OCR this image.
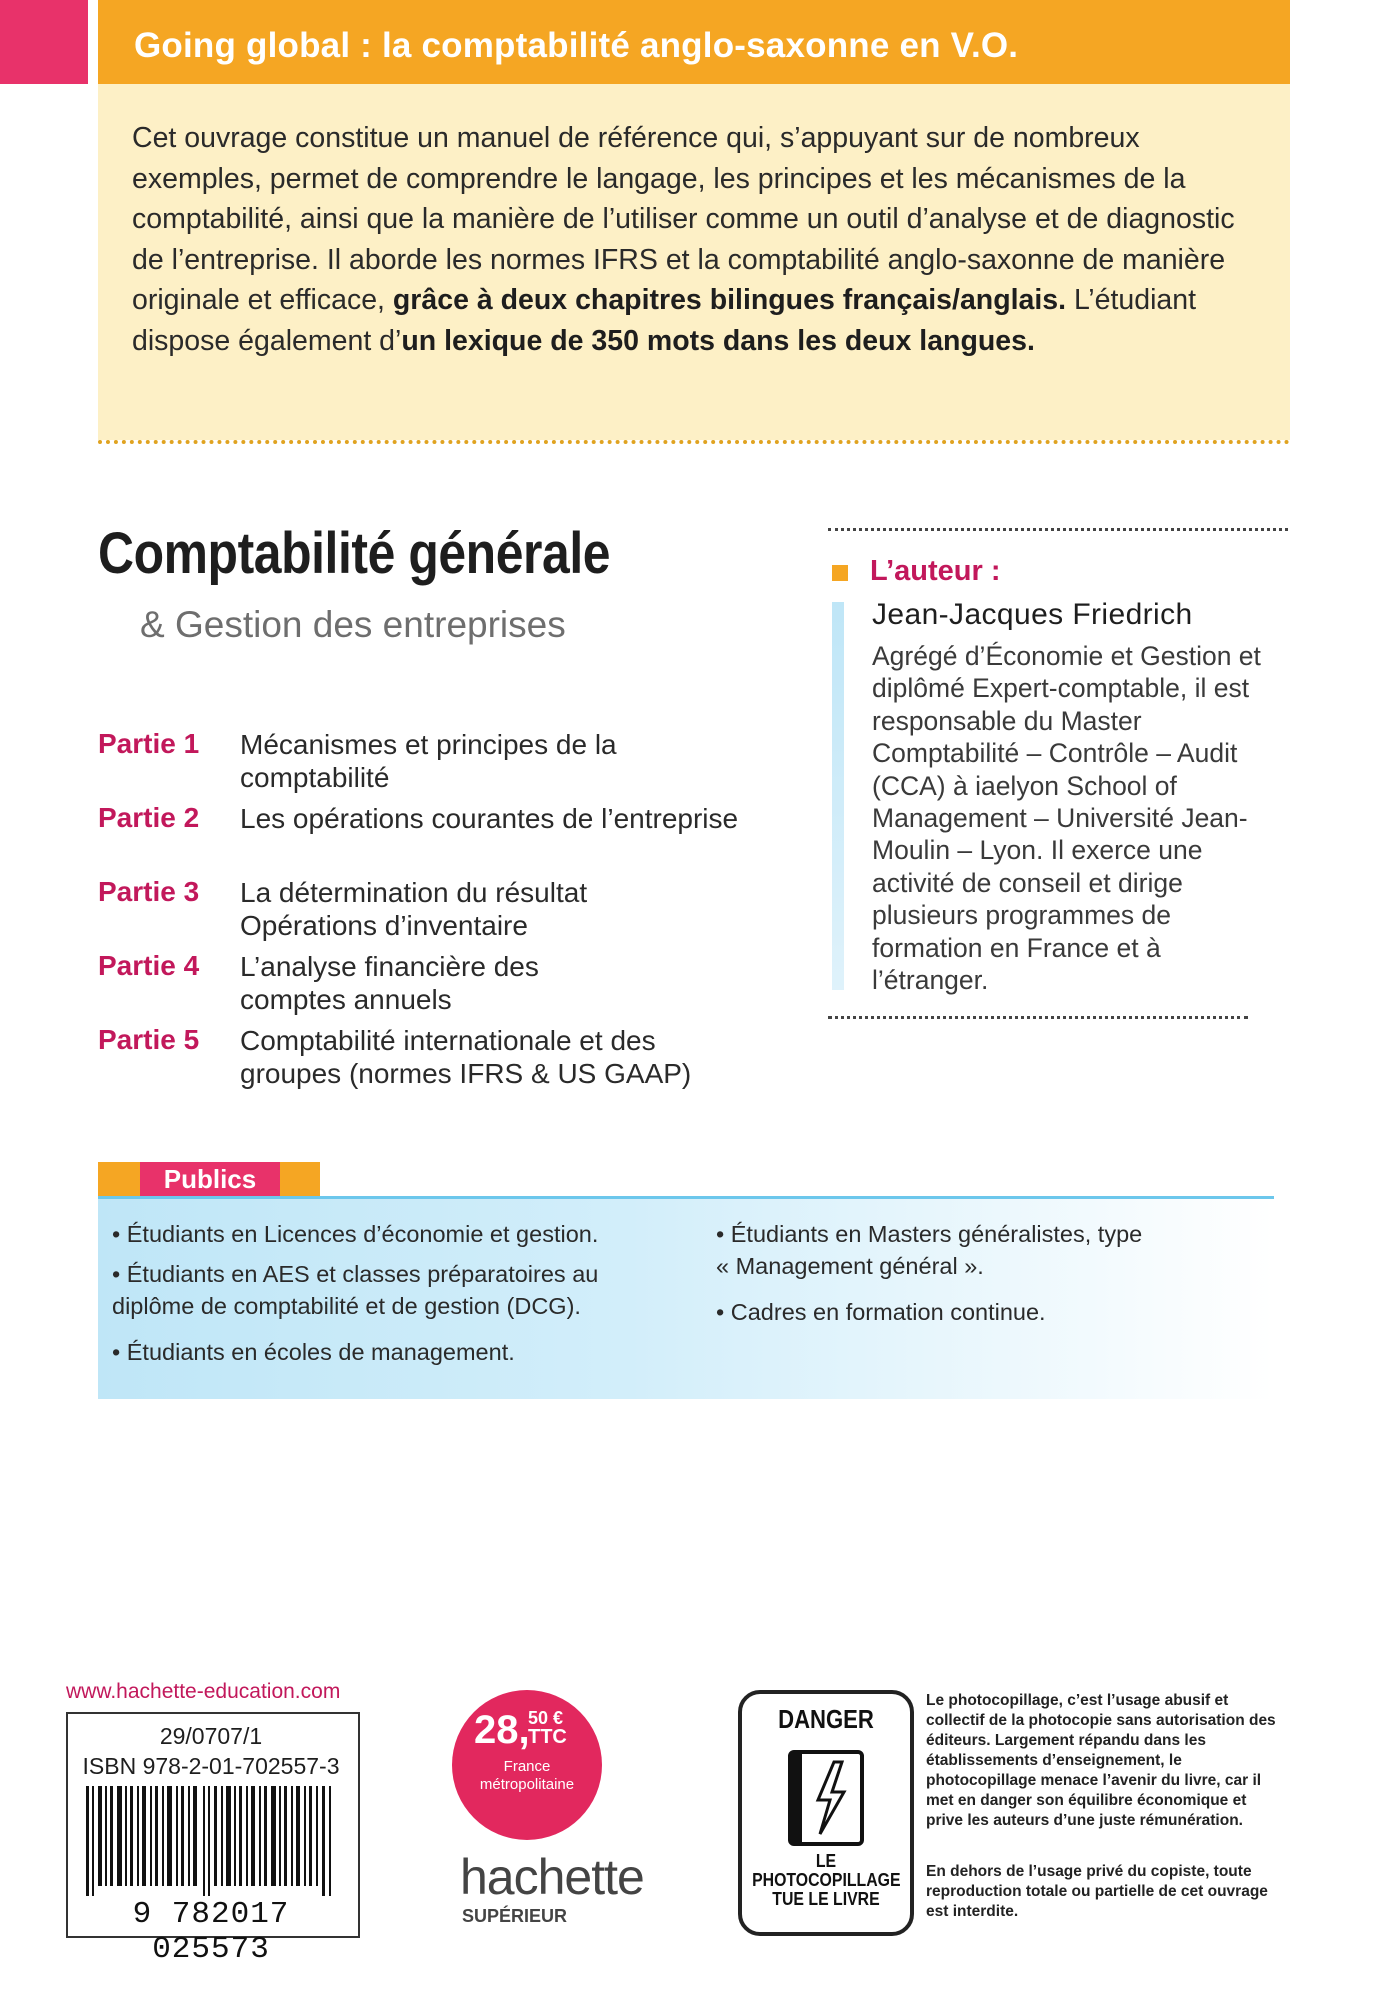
Going global : la comptabilité anglo-saxonne en V.O.
Cet ouvrage constitue un manuel de référence qui, s’appuyant sur de nombreux exemples, permet de comprendre le langage, les principes et les mécanismes de la comptabilité, ainsi que la manière de l’utiliser comme un outil d’analyse et de diagnostic de l’entreprise. Il aborde les normes IFRS et la comptabilité anglo-saxonne de manière originale et efficace, grâce à deux chapitres bilingues français/anglais. L’étudiant dispose également d’un lexique de 350 mots dans les deux langues.
Comptabilité générale
& Gestion des entreprises
Partie 1 Mécanismes et principes de la comptabilité
Partie 2 Les opérations courantes de l’entreprise
Partie 3 La détermination du résultat Opérations d’inventaire
Partie 4 L’analyse financière des comptes annuels
Partie 5 Comptabilité internationale et des groupes (normes IFRS & US GAAP)
L’auteur :
Jean-Jacques Friedrich
Agrégé d’Économie et Gestion et diplômé Expert-comptable, il est responsable du Master Comptabilité – Contrôle – Audit (CCA) à iaelyon School of Management – Université Jean-Moulin – Lyon. Il exerce une activité de conseil et dirige plusieurs programmes de formation en France et à l’étranger.
Publics
• Étudiants en Licences d’économie et gestion.
• Étudiants en AES et classes préparatoires au diplôme de comptabilité et de gestion (DCG).
• Étudiants en écoles de management.
• Étudiants en Masters généralistes, type « Management général ».
• Cadres en formation continue.
www.hachette-education.com
29/0707/1
ISBN 978-2-01-702557-3
9 782017 025573
28,
50 €
TTC
France
métropolitaine
hachette
SUPÉRIEUR
DANGER
LE
PHOTOCOPILLAGE
TUE LE LIVRE
Le photocopillage, c’est l’usage abusif et collectif de la photocopie sans autorisation des éditeurs. Largement répandu dans les établissements d’enseignement, le photocopillage menace l’avenir du livre, car il met en danger son équilibre économique et prive les auteurs d’une juste rémunération.
En dehors de l’usage privé du copiste, toute reproduction totale ou partielle de cet ouvrage est interdite.
